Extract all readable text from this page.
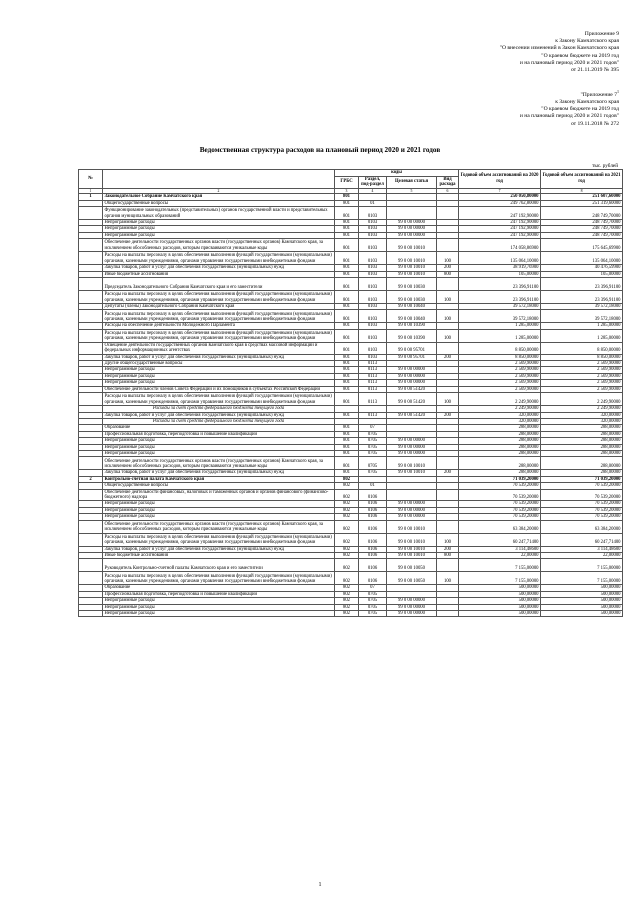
Приложение 9
к Закону Камчатского края
"О внесении изменений в Закон Камчатского края
"О краевом бюджете на 2019 год
и на плановый период 2020 и 2021 годов"
от 21.11.2019 № 395
"Приложение $7^1$
к Закону Камчатского края
"О краевом бюджете на 2019 год
и на плановый период 2020 и 2021 годов"
от 19.11.2018 № 272
Ведомственная структура расходов на плановый период 2020 и 2021 годов
тыс. рублей
№		коды				Годовой объем ассигнований на 2020 год	Годовой объем ассигнований на 2021 год
		ГРБС	Раздел, под-раздел	Целевая статья	Вид расхода		
1	2	3	4	5	6	7	8
1	Законодательное Собрание Камчатского края	801				250 050,80000	251 607,60000
	Общегосударственные вопросы	801	01			249 762,80000	251 319,60000
	Функционирование законодательных (представительных) органов государственной власти и представительных органов муниципальных образований	801	0103			247 192,90000	248 749,70000
	Непрограммные расходы	801	0103	99 0 00 00000		247 192,90000	248 749,70000
	Непрограммные расходы	801	0103	99 0 00 00000		247 192,90000	248 749,70000
	Непрограммные расходы	801	0103	99 0 00 00000		247 192,90000	248 749,70000
	Обеспечение деятельности государственных органов власти (государственных органов) Камчатского края, за исключением обособленных расходов, которым присваиваются уникальные коды	801	0103	99 0 00 10010		174 058,86900	175 645,69900
	Расходы на выплаты персоналу в целях обеспечения выполнения функций государственными (муниципальными) органами, казенными учреждениями, органами управления государственными внебюджетными фондами	801	0103	99 0 00 10010	100	135 064,10000	135 064,10000
	Закупка товаров, работ и услуг для обеспечения государственных (муниципальных) нужд	801	0103	99 0 00 10010	200	38 919,76900	40 476,59900
	Иные бюджетные ассигнования	801	0103	99 0 00 10010	800	105,00000	105,00000
	Председатель Законодательного Собрания Камчатского края и его заместители	801	0103	99 0 00 10030		23 396,91100	23 396,91100
	Расходы на выплаты персоналу в целях обеспечения выполнения функций государственными (муниципальными) органами, казенными учреждениями, органами управления государственными внебюджетными фондами	801	0103	99 0 00 10030	100	23 396,91100	23 396,91100
	Депутаты (члены) Законодательного Собрания Камчатского края	801	0103	99 0 00 10040		39 572,18000	39 572,18000
	Расходы на выплаты персоналу в целях обеспечения выполнения функций государственными (муниципальными) органами, казенными учреждениями, органами управления государственными внебюджетными фондами	801	0103	99 0 00 10040	100	39 572,18000	39 572,18000
	Расходы на обеспечение деятельности Молодежного Парламента	801	0103	99 0 00 10390		1 285,00000	1 285,00000
	Расходы на выплаты персоналу в целях обеспечения выполнения функций государственными (муниципальными) органами, казенными учреждениями, органами управления государственными внебюджетными фондами	801	0103	99 0 00 10390	100	1 285,00000	1 285,00000
	Освещение деятельности государственных органов Камчатского края в средствах массовой информации и федеральных информационных агентствах	801	0103	99 0 00 95701		8 850,00000	8 850,00000
	Закупка товаров, работ и услуг для обеспечения государственных (муниципальных) нужд	801	0103	99 0 00 95701	200	8 850,00000	8 850,00000
	Другие общегосударственные вопросы	801	0113			2 569,90000	2 569,90000
	Непрограммные расходы	801	0113	99 0 00 00000		2 569,90000	2 569,90000
	Непрограммные расходы	801	0113	99 0 00 00000		2 569,90000	2 569,90000
	Непрограммные расходы	801	0113	99 0 00 00000		2 569,90000	2 569,90000
	Обеспечение деятельности членов Совета Федерации и их помощников в субъектах Российской Федерации	801	0113	99 0 00 51420		2 569,90000	2 569,90000
	Расходы на выплаты персоналу в целях обеспечения выполнения функций государственными (муниципальными) органами, казенными учреждениями, органами управления государственными внебюджетными фондами	801	0113	99 0 00 51420	100	2 249,90000	2 249,90000
	Расходы за счет средств федерального бюджета текущего года					2 249,90000	2 249,90000
	Закупка товаров, работ и услуг для обеспечения государственных (муниципальных) нужд	801	0113	99 0 00 51420	200	320,00000	320,00000
	Расходы за счет средств федерального бюджета текущего года					320,00000	320,00000
	Образование	801	07			288,00000	288,00000
	Профессиональная подготовка, переподготовка и повышение квалификации	801	0705			288,00000	288,00000
	Непрограммные расходы	801	0705	99 0 00 00000		288,00000	288,00000
	Непрограммные расходы	801	0705	99 0 00 00000		288,00000	288,00000
	Непрограммные расходы	801	0705	99 0 00 00000		288,00000	288,00000
	Обеспечение деятельности государственных органов власти (государственных органов) Камчатского края, за исключением обособленных расходов, которым присваиваются уникальные коды	801	0705	99 0 00 10010		288,00000	288,00000
	Закупка товаров, работ и услуг для обеспечения государственных (муниципальных) нужд	801	0705	99 0 00 10010	200	288,00000	288,00000
2	Контрольно-счетная палата Камчатского края	802				71 039,20000	71 039,20000
	Общегосударственные вопросы	802	01			70 539,20000	70 539,20000
	Обеспечение деятельности финансовых, налоговых и таможенных органов и органов финансового (финансово-бюджетного) надзора	802	0106			70 539,20000	70 539,20000
	Непрограммные расходы	802	0106	99 0 00 00000		70 539,20000	70 539,20000
	Непрограммные расходы	802	0106	99 0 00 00000		70 539,20000	70 539,20000
	Непрограммные расходы	802	0106	99 0 00 00000		70 539,20000	70 539,20000
	Обеспечение деятельности государственных органов власти (государственных органов) Камчатского края, за исключением обособленных расходов, которым присваиваются уникальные коды	802	0106	99 0 00 10010		63 384,20000	63 384,20000
	Расходы на выплаты персоналу в целях обеспечения выполнения функций государственными (муниципальными) органами, казенными учреждениями, органами управления государственными внебюджетными фондами	802	0106	99 0 00 10010	100	60 247,71400	60 247,71400
	Закупка товаров, работ и услуг для обеспечения государственных (муниципальных) нужд	802	0106	99 0 00 10010	200	3 114,48600	3 114,48600
	Иные бюджетные ассигнования	802	0106	99 0 00 10010	800	22,00000	22,00000
	Руководитель Контрольно-счетной палаты Камчатского края и его заместители	802	0106	99 0 00 10050		7 155,00000	7 155,00000
	Расходы на выплаты персоналу в целях обеспечения выполнения функций государственными (муниципальными) органами, казенными учреждениями, органами управления государственными внебюджетными фондами	802	0106	99 0 00 10050	100	7 155,00000	7 155,00000
	Образование	802	07			500,00000	500,00000
	Профессиональная подготовка, переподготовка и повышение квалификации	802	0705			500,00000	500,00000
	Непрограммные расходы	802	0705	99 0 00 00000		500,00000	500,00000
	Непрограммные расходы	802	0705	99 0 00 00000		500,00000	500,00000
	Непрограммные расходы	802	0705	99 0 00 00000		500,00000	500,00000
1
